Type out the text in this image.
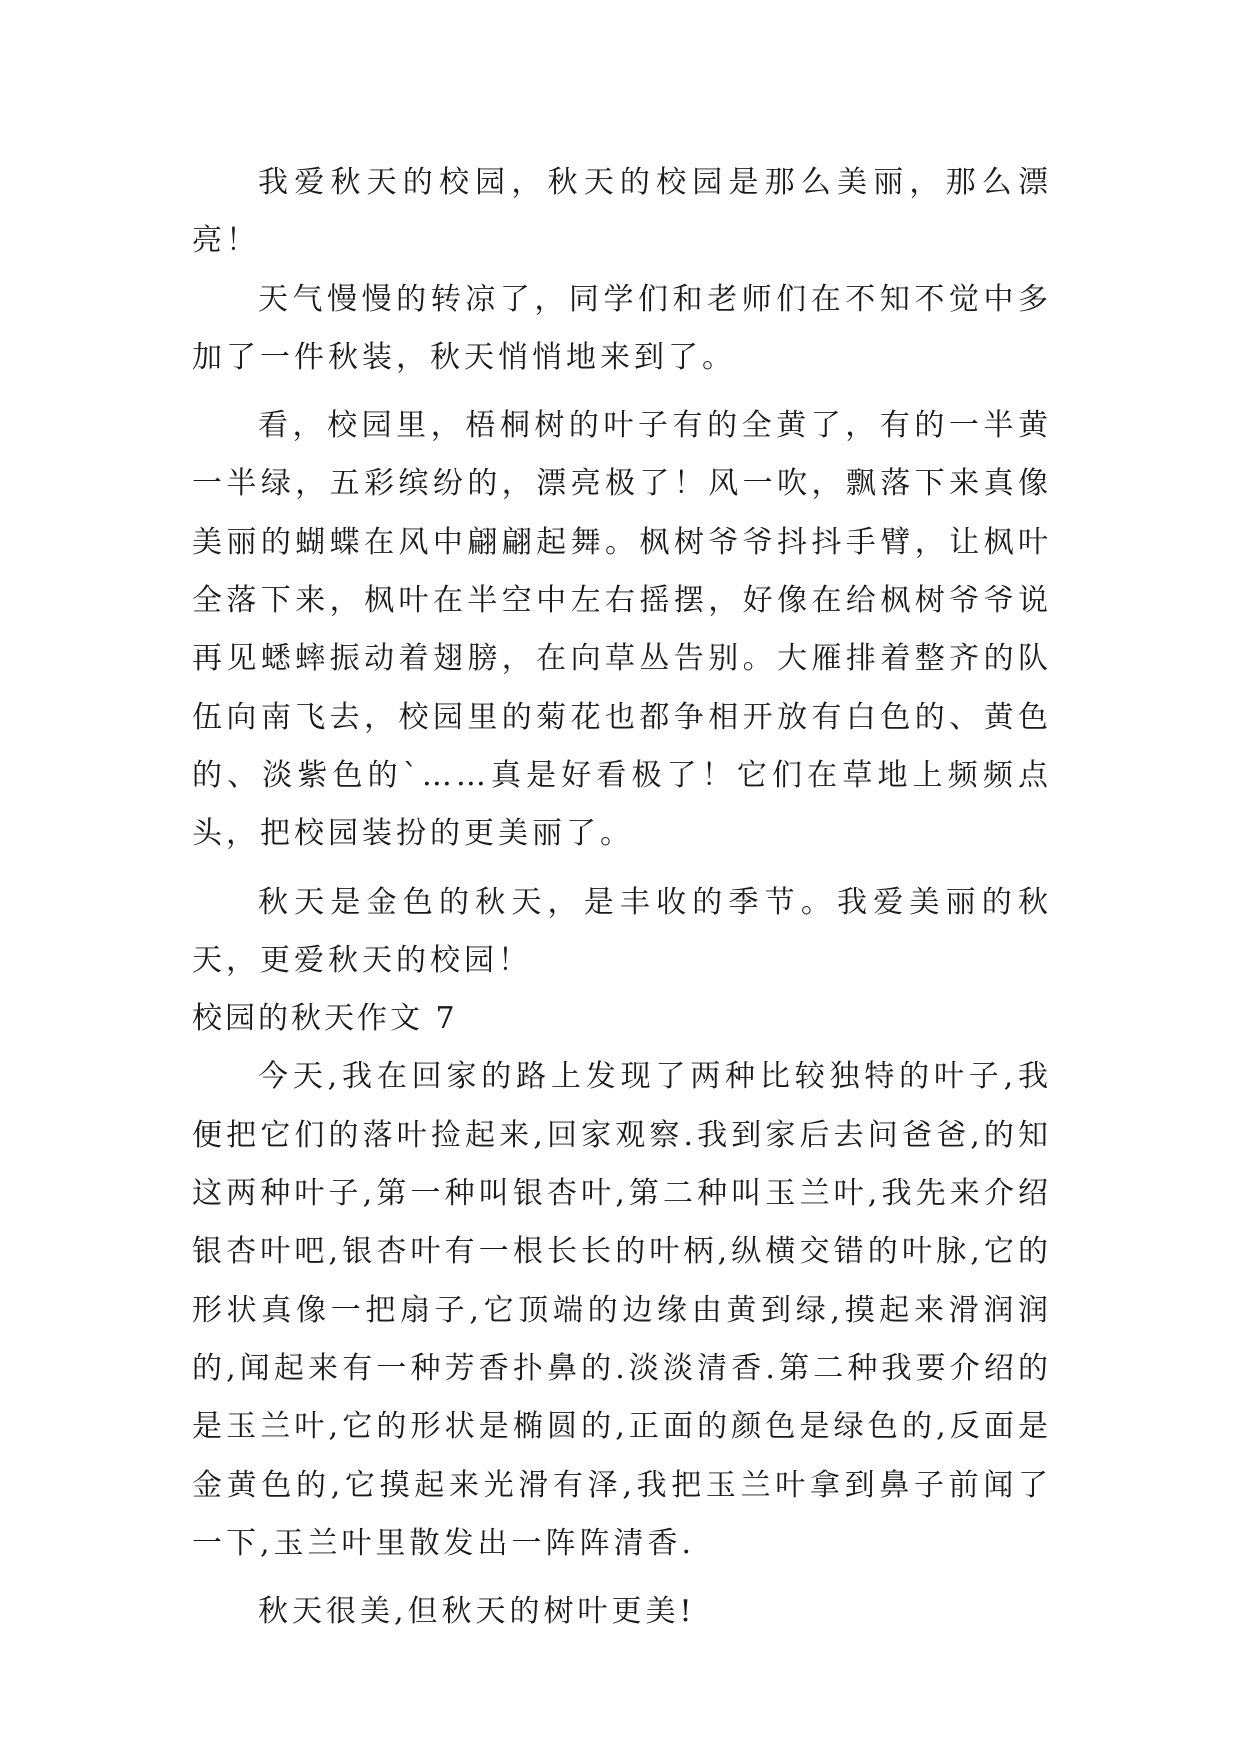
我爱秋天的校园，秋天的校园是那么美丽，那么漂亮！

天气慢慢的转凉了，同学们和老师们在不知不觉中多加了一件秋装，秋天悄悄地来到了。

看，校园里，梧桐树的叶子有的全黄了，有的一半黄一半绿，五彩缤纷的，漂亮极了！风一吹，飘落下来真像美丽的蝴蝶在风中翩翩起舞。枫树爷爷抖抖手臂，让枫叶全落下来，枫叶在半空中左右摇摆，好像在给枫树爷爷说再见蟋蟀振动着翅膀，在向草丛告别。大雁排着整齐的队伍向南飞去，校园里的菊花也都争相开放有白色的、黄色的、淡紫色的`……真是好看极了！它们在草地上频频点头，把校园装扮的更美丽了。

秋天是金色的秋天，是丰收的季节。我爱美丽的秋天，更爱秋天的校园！

校园的秋天作文 7

今天,我在回家的路上发现了两种比较独特的叶子,我便把它们的落叶捡起来,回家观察.我到家后去问爸爸,的知这两种叶子,第一种叫银杏叶,第二种叫玉兰叶,我先来介绍银杏叶吧,银杏叶有一根长长的叶柄,纵横交错的叶脉,它的形状真像一把扇子,它顶端的边缘由黄到绿,摸起来滑润润的,闻起来有一种芳香扑鼻的.淡淡清香.第二种我要介绍的是玉兰叶,它的形状是椭圆的,正面的颜色是绿色的,反面是金黄色的,它摸起来光滑有泽,我把玉兰叶拿到鼻子前闻了一下,玉兰叶里散发出一阵阵清香.

秋天很美,但秋天的树叶更美!
